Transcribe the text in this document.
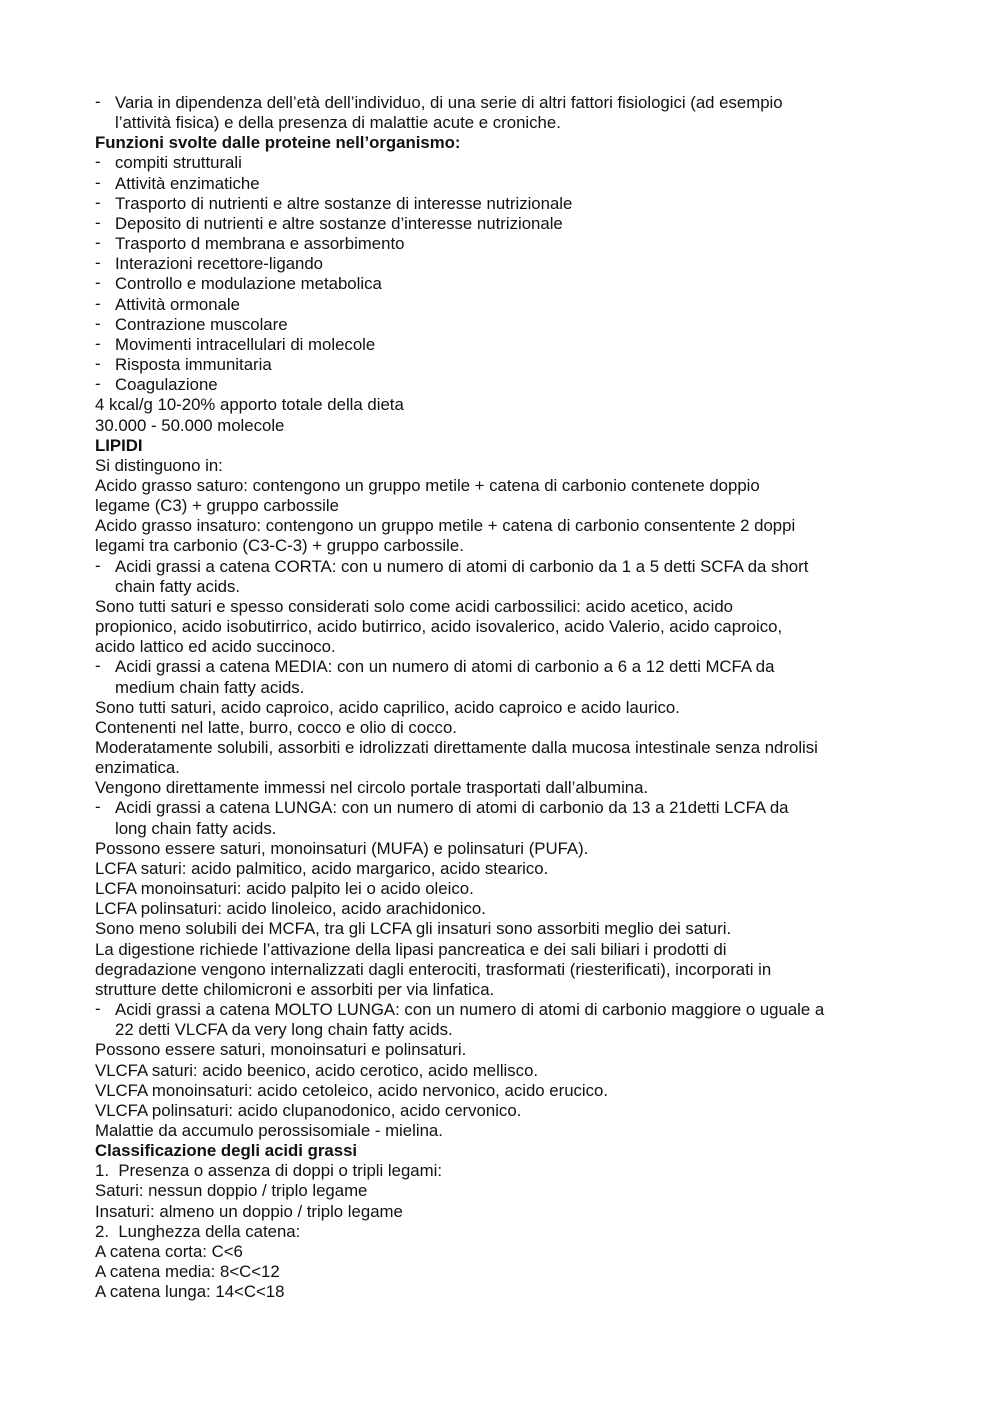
- Varia in dipendenza dell’età dell’individuo, di una serie di altri fattori fisiologici (ad esempio
l’attività fisica) e della presenza di malattie acute e croniche.
Funzioni svolte dalle proteine nell’organismo:
- compiti strutturali
- Attività enzimatiche
- Trasporto di nutrienti e altre sostanze di interesse nutrizionale
- Deposito di nutrienti e altre sostanze d’interesse nutrizionale
- Trasporto d membrana e assorbimento
- Interazioni recettore-ligando
- Controllo e modulazione metabolica
- Attività ormonale
- Contrazione muscolare
- Movimenti intracellulari di molecole
- Risposta immunitaria
- Coagulazione
4 kcal/g 10-20% apporto totale della dieta
30.000 - 50.000 molecole
LIPIDI
Si distinguono in:
Acido grasso saturo: contengono un gruppo metile + catena di carbonio contenete doppio
legame (C3) + gruppo carbossile
Acido grasso insaturo: contengono un gruppo metile + catena di carbonio consentente 2 doppi
legami tra carbonio (C3-C-3) + gruppo carbossile.
- Acidi grassi a catena CORTA: con u numero di atomi di carbonio da 1 a 5 detti SCFA da short
chain fatty acids.
Sono tutti saturi e spesso considerati solo come acidi carbossilici: acido acetico, acido
propionico, acido isobutirrico, acido butirrico, acido isovalerico, acido Valerio, acido caproico,
acido lattico ed acido succinoco.
- Acidi grassi a catena MEDIA: con un numero di atomi di carbonio a 6 a 12 detti MCFA da
medium chain fatty acids.
Sono tutti saturi, acido caproico, acido caprilico, acido caproico e acido laurico.
Contenenti nel latte, burro, cocco e olio di cocco.
Moderatamente solubili, assorbiti e idrolizzati direttamente dalla mucosa intestinale senza ndrolisi
enzimatica.
Vengono direttamente immessi nel circolo portale trasportati dall’albumina.
- Acidi grassi a catena LUNGA: con un numero di atomi di carbonio da 13 a 21detti LCFA da
long chain fatty acids.
Possono essere saturi, monoinsaturi (MUFA) e polinsaturi (PUFA).
LCFA saturi: acido palmitico, acido margarico, acido stearico.
LCFA monoinsaturi: acido palpito lei o acido oleico.
LCFA polinsaturi: acido linoleico, acido arachidonico.
Sono meno solubili dei MCFA, tra gli LCFA gli insaturi sono assorbiti meglio dei saturi.
La digestione richiede l’attivazione della lipasi pancreatica e dei sali biliari i prodotti di
degradazione vengono internalizzati dagli enterociti, trasformati (riesterificati), incorporati in
strutture dette chilomicroni e assorbiti per via linfatica.
- Acidi grassi a catena MOLTO LUNGA: con un numero di atomi di carbonio maggiore o uguale a
22 detti VLCFA da very long chain fatty acids.
Possono essere saturi, monoinsaturi e polinsaturi.
VLCFA saturi: acido beenico, acido cerotico, acido mellisco.
VLCFA monoinsaturi: acido cetoleico, acido nervonico, acido erucico.
VLCFA polinsaturi: acido clupanodonico, acido cervonico.
Malattie da accumulo perossisomiale - mielina.
Classificazione degli acidi grassi
1. Presenza o assenza di doppi o tripli legami:
Saturi: nessun doppio / triplo legame
Insaturi: almeno un doppio / triplo legame
2. Lunghezza della catena:
A catena corta: C<6
A catena media: 8<C<12
A catena lunga: 14<C<18
